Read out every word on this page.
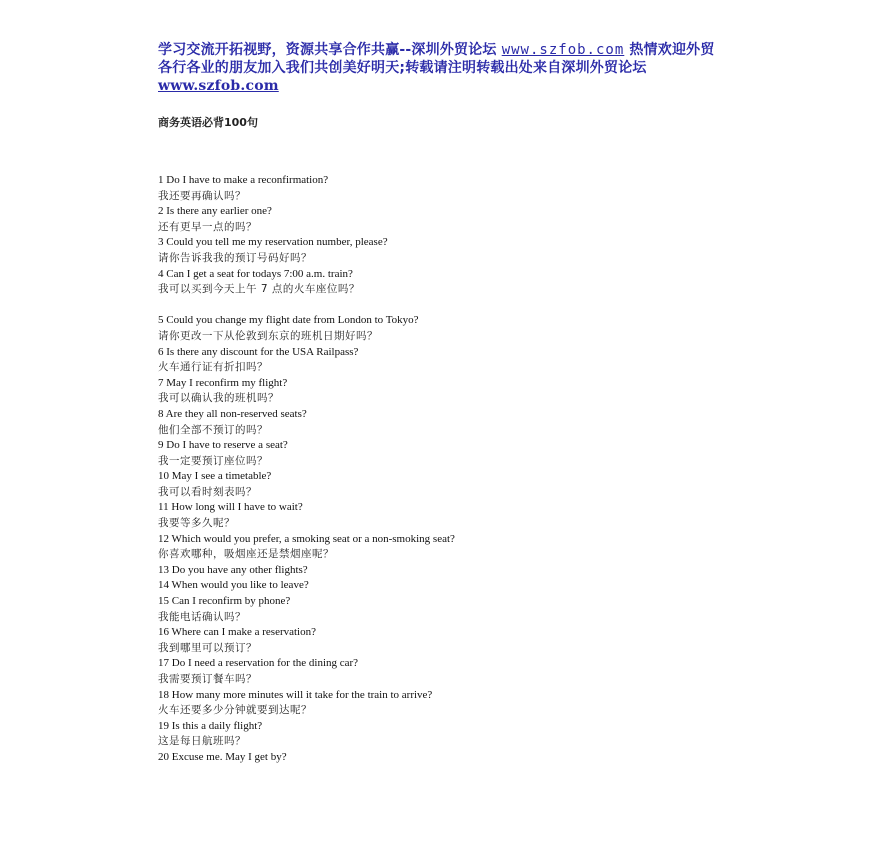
学习交流开拓视野，资源共享合作共赢--深圳外贸论坛 www.szfob.com 热情欢迎外贸各行各业的朋友加入我们共创美好明天;转载请注明转载出处来自深圳外贸论坛 www.szfob.com
商务英语必背100句
1 Do I have to make a reconfirmation?
我还要再确认吗？
2 Is there any earlier one?
还有更早一点的吗？
3 Could you tell me my reservation number, please?
请你告诉我我的预订号码好吗？
4 Can I get a seat for todays 7:00 a.m. train?
我可以买到今天上午 7 点的火车座位吗？
5 Could you change my flight date from London to Tokyo?
请你更改一下从伦敦到东京的班机日期好吗？
6 Is there any discount for the USA Railpass?
火车通行证有折扣吗？
7 May I reconfirm my flight?
我可以确认我的班机吗？
8 Are they all non-reserved seats?
他们全部不预订的吗？
9 Do I have to reserve a seat?
我一定要预订座位吗？
10 May I see a timetable?
我可以看时刻表吗？
11 How long will I have to wait?
我要等多久呢？
12 Which would you prefer, a smoking seat or a non-smoking seat?
你喜欢哪种，吸烟座还是禁烟座呢？
13 Do you have any other flights?
14 When would you like to leave?
15 Can I reconfirm by phone?
我能电话确认吗？
16 Where can I make a reservation?
我到哪里可以预订？
17 Do I need a reservation for the dining car?
我需要预订餐车吗？
18 How many more minutes will it take for the train to arrive?
火车还要多少分钟就要到达呢？
19 Is this a daily flight?
这是每日航班吗？
20 Excuse me. May I get by?
